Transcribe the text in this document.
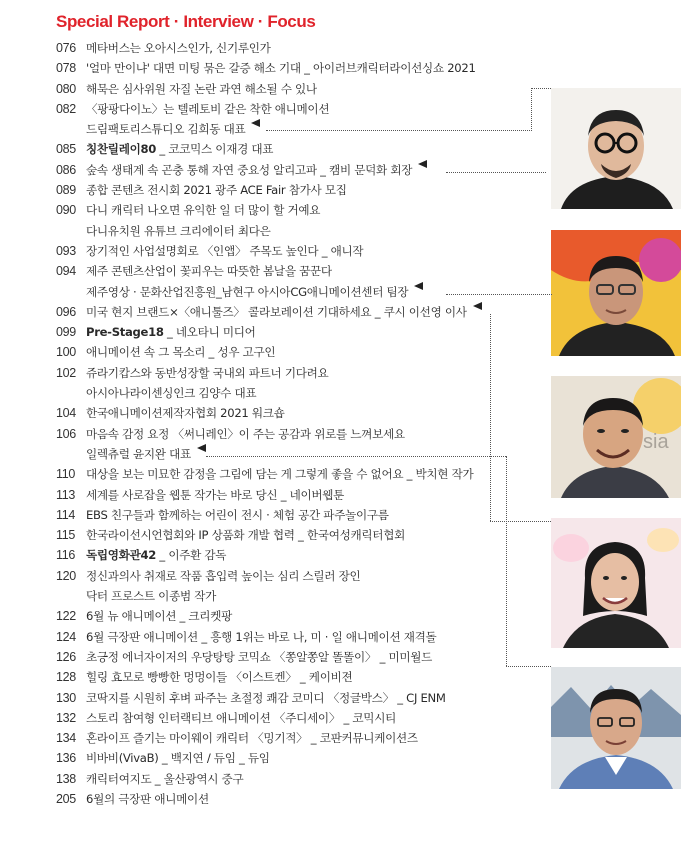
Special Report · Interview · Focus
076 메타버스는 오아시스인가, 신기루인가
078 '얼마 만이냐' 대면 미팅 묶은 갈증 해소 기대 _ 아이러브캐릭터라이선싱쇼 2021
080 해묵은 심사위원 자질 논란 과연 해소될 수 있나
082 〈팡팡다이노〉는 텔레토비 같은 착한 애니메이션
드림팩토리스튜디오 김희동 대표
085 칭찬릴레이80 _ 코코믹스 이재경 대표
086 숲속 생태계 속 곤충 통해 자연 중요성 알리고파 _ 캠비 문덕화 회장
089 종합 콘텐츠 전시회 2021 광주 ACE Fair 참가사 모집
090 다니 캐릭터 나오면 유익한 일 더 많이 할 거예요
다니유치원 유튜브 크리에이터 최다은
093 장기적인 사업설명회로 〈인앱〉 주목도 높인다 _ 애니작
094 제주 콘텐츠산업이 꽃피우는 따뜻한 봄날을 꿈꾼다
제주영상 · 문화산업진흥원_남현구 아시아CG애니메이션센터 팀장
096 미국 현지 브랜드×〈애니툴즈〉 콜라보레이션 기대하세요 _ 쿠시 이선영 이사
099 Pre-Stage18 _ 네오타니 미디어
100 애니메이션 속 그 목소리 _ 성우 고구인
102 쥬라기캅스와 동반성장할 국내외 파트너 기다려요
아시아나라이센싱인크 김양수 대표
104 한국애니메이션제작자협회 2021 워크숍
106 마음속 감정 요정 〈써니레인〉이 주는 공감과 위로를 느껴보세요
일렉츄럴 윤지완 대표
110 대상을 보는 미묘한 감정을 그림에 담는 게 그렇게 좋을 수 없어요 _ 박치현 작가
113 세계를 사로잡을 웹툰 작가는 바로 당신 _ 네이버웹툰
114 EBS 친구들과 함께하는 어린이 전시 · 체험 공간 파주놀이구름
115 한국라이선시언협회와 IP 상품화 개발 협력 _ 한국여성캐릭터협회
116 독립영화관42 _ 이주환 감독
120 정신과의사 취재로 작품 흡입력 높이는 심리 스릴러 장인
닥터 프로스트 이종범 작가
122 6월 뉴 애니메이션 _ 크리켓팡
124 6월 극장판 애니메이션 _ 흥행 1위는 바로 나, 미 · 일 애니메이션 재격돌
126 초긍정 에너자이저의 우당탕탕 코믹쇼 〈쫑알쫑알 똘똘이〉 _ 미미월드
128 힐링 효모로 빵빵한 멍멍이들 〈이스트켄〉 _ 케이비젼
130 코딱지를 시원히 후벼 파주는 초절정 쾌감 코미디 〈정글박스〉 _ CJ ENM
132 스토리 참여형 인터랙티브 애니메이션 〈주디세이〉 _ 코믹시티
134 혼라이프 즐기는 마이웨이 캐릭터 〈밍기적〉 _ 코판커뮤니케이션즈
136 비바비(VivaB) _ 백지연 / 듀임 _ 듀임
138 캐릭터여지도 _ 울산광역시 중구
205 6월의 극장판 애니메이션
sia
